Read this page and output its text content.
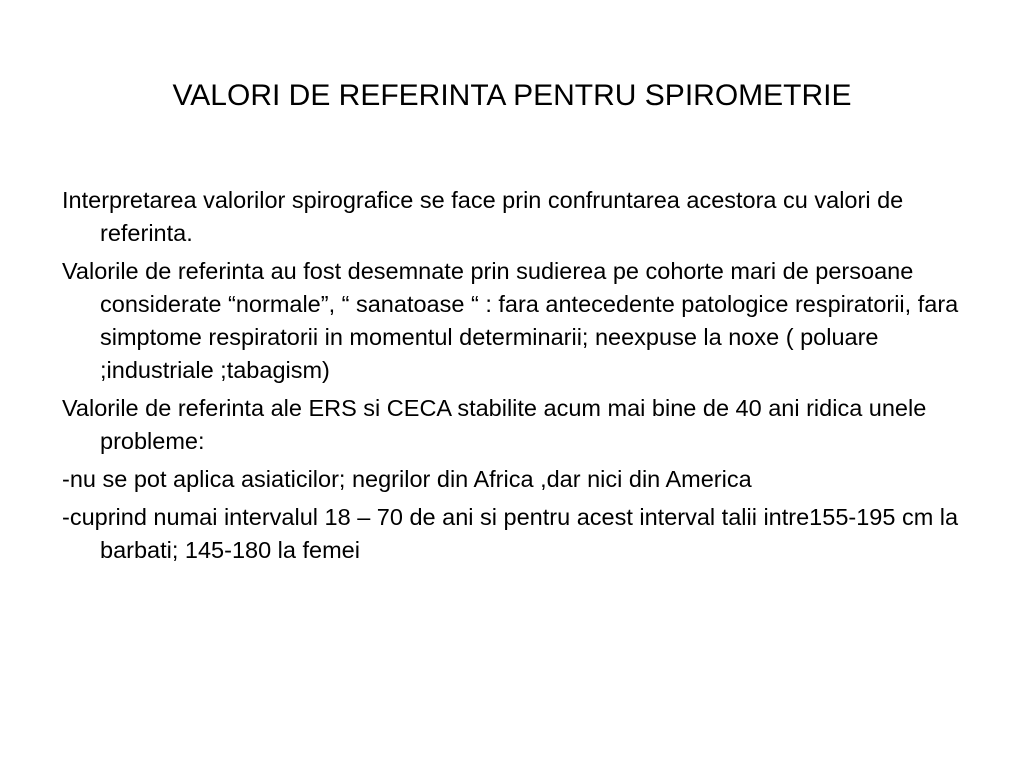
VALORI DE REFERINTA PENTRU SPIROMETRIE
Interpretarea valorilor spirografice se face prin confruntarea acestora cu valori de referinta.
Valorile de referinta au fost desemnate prin sudierea pe cohorte mari de persoane considerate “normale”, “ sanatoase “ : fara antecedente patologice respiratorii, fara simptome respiratorii in momentul determinarii; neexpuse la noxe ( poluare ;industriale ;tabagism)
Valorile de referinta ale ERS si CECA stabilite acum mai bine de 40 ani ridica unele probleme:
-nu se pot aplica asiaticilor; negrilor din Africa ,dar nici din America
-cuprind numai intervalul 18 – 70 de ani si pentru acest interval talii intre155-195 cm la barbati; 145-180 la femei
